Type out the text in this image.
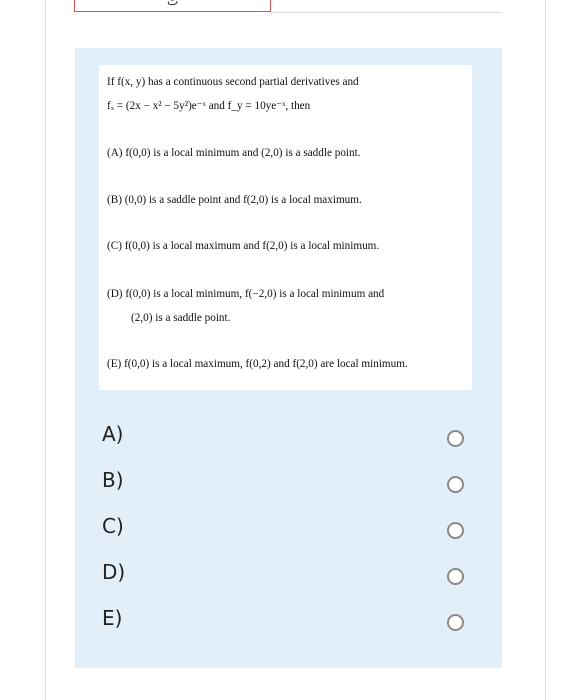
ت
If f(x, y) has a continuous second partial derivatives and
fₓ = (2x − x² − 5y²)e⁻ˣ and f_y = 10ye⁻ˣ, then
(A) f(0,0) is a local minimum and (2,0) is a saddle point.
(B) (0,0) is a saddle point and f(2,0) is a local maximum.
(C) f(0,0) is a local maximum and f(2,0) is a local minimum.
(D) f(0,0) is a local minimum, f(−2,0) is a local minimum and
(2,0) is a saddle point.
(E) f(0,0) is a local maximum, f(0,2) and f(2,0) are local minimum.
A)
B)
C)
D)
E)
